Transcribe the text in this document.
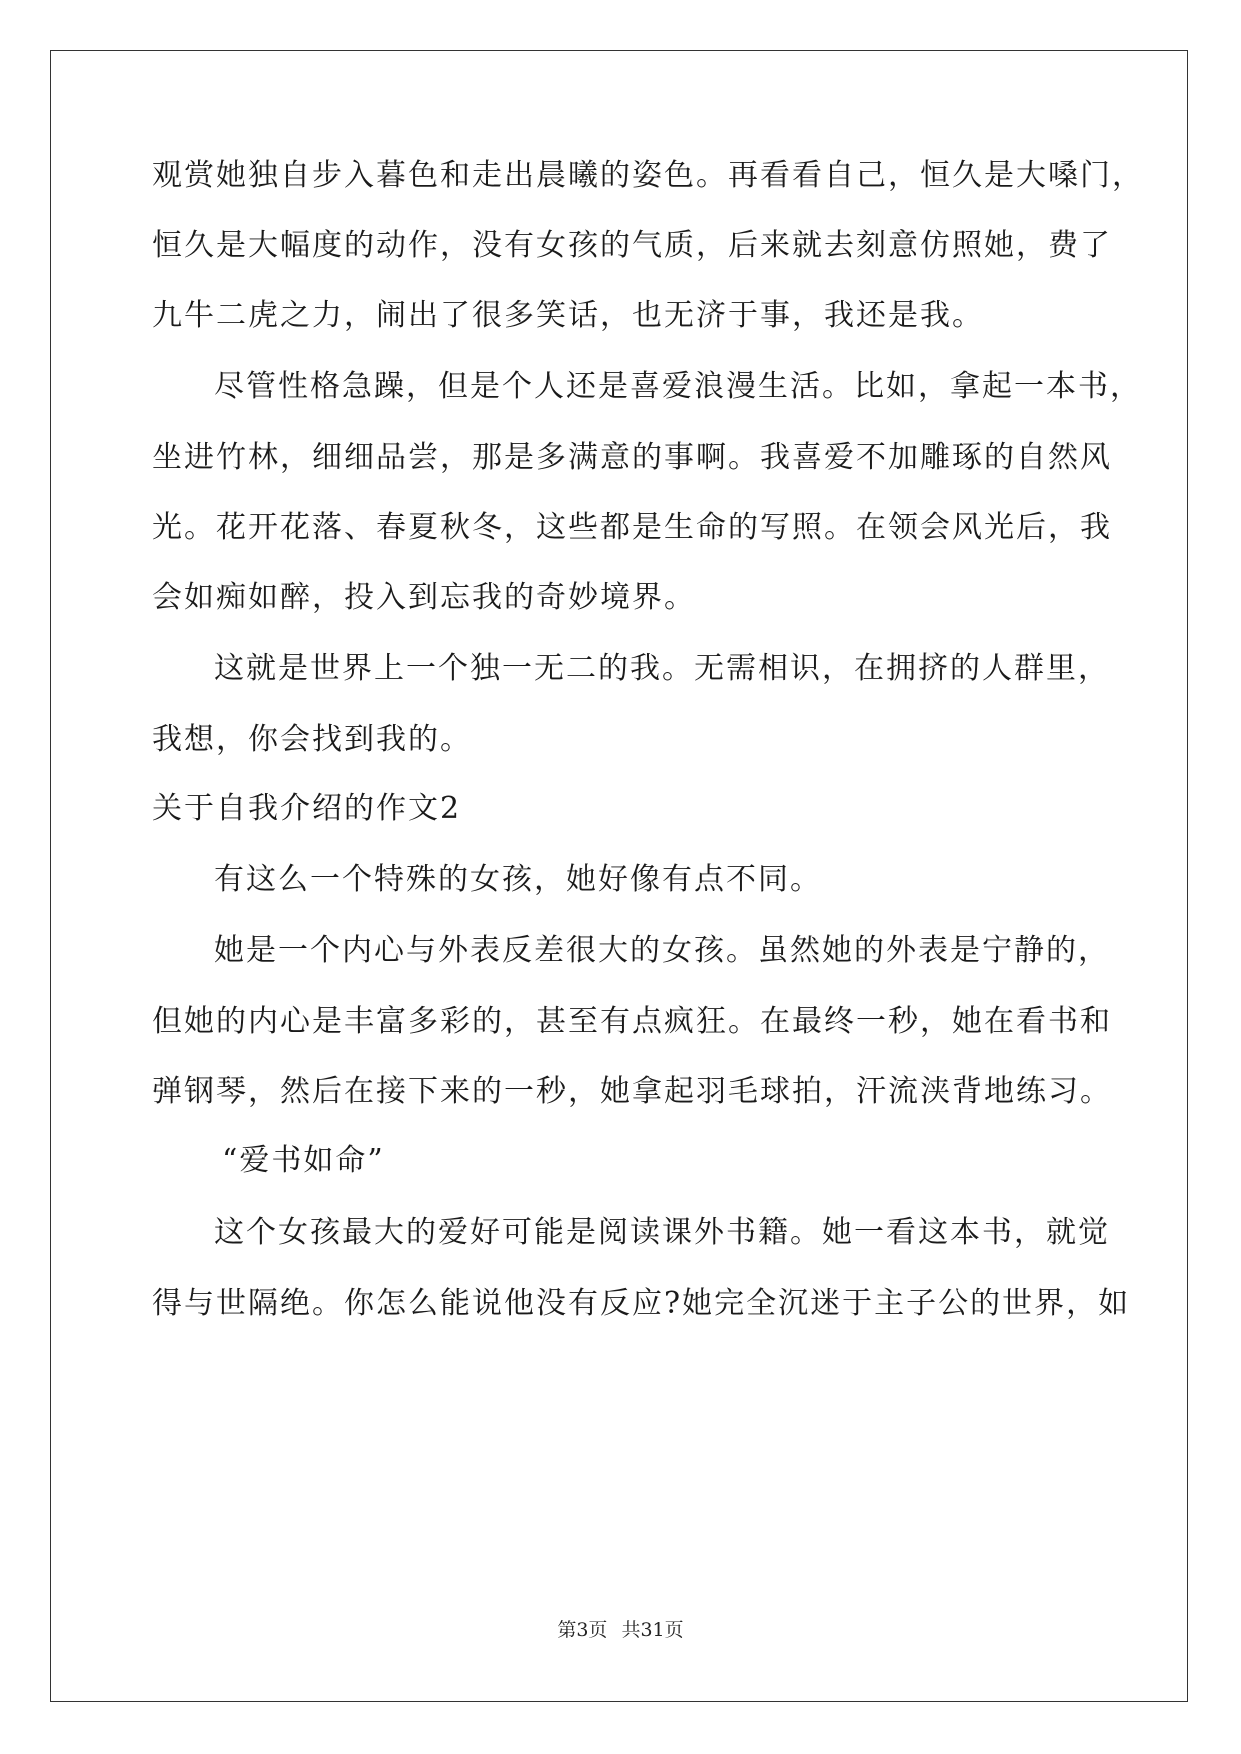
观赏她独自步入暮色和走出晨曦的姿色。再看看自己，恒久是大嗓门，

恒久是大幅度的动作，没有女孩的气质，后来就去刻意仿照她，费了

九牛二虎之力，闹出了很多笑话，也无济于事，我还是我。

尽管性格急躁，但是个人还是喜爱浪漫生活。比如，拿起一本书，

坐进竹林，细细品尝，那是多满意的事啊。我喜爱不加雕琢的自然风

光。花开花落、春夏秋冬，这些都是生命的写照。在领会风光后，我

会如痴如醉，投入到忘我的奇妙境界。

这就是世界上一个独一无二的我。无需相识，在拥挤的人群里，

我想，你会找到我的。

关于自我介绍的作文2

有这么一个特殊的女孩，她好像有点不同。

她是一个内心与外表反差很大的女孩。虽然她的外表是宁静的，

但她的内心是丰富多彩的，甚至有点疯狂。在最终一秒，她在看书和

弹钢琴，然后在接下来的一秒，她拿起羽毛球拍，汗流浃背地练习。

“爱书如命”

这个女孩最大的爱好可能是阅读课外书籍。她一看这本书，就觉

得与世隔绝。你怎么能说他没有反应?她完全沉迷于主子公的世界，如

第3页 共31页
